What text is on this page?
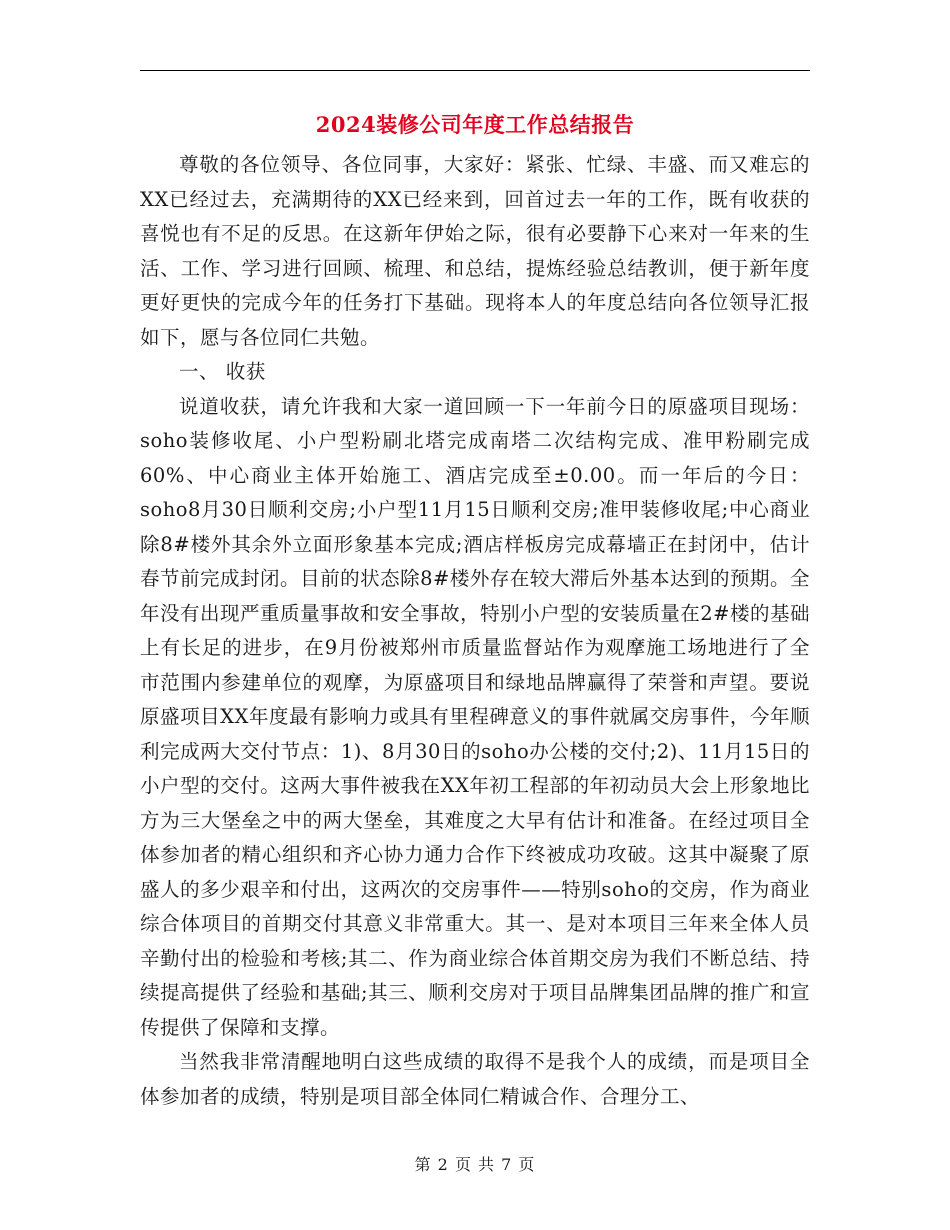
2024装修公司年度工作总结报告

尊敬的各位领导、各位同事，大家好：紧张、忙绿、丰盛、而又难忘的XX已经过去，充满期待的XX已经来到，回首过去一年的工作，既有收获的喜悦也有不足的反思。在这新年伊始之际，很有必要静下心来对一年来的生活、工作、学习进行回顾、梳理、和总结，提炼经验总结教训，便于新年度更好更快的完成今年的任务打下基础。现将本人的年度总结向各位领导汇报如下，愿与各位同仁共勉。

一、 收获

说道收获，请允许我和大家一道回顾一下一年前今日的原盛项目现场：soho装修收尾、小户型粉刷北塔完成南塔二次结构完成、准甲粉刷完成60%、中心商业主体开始施工、酒店完成至±0.00。而一年后的今日：soho8月30日顺利交房;小户型11月15日顺利交房;准甲装修收尾;中心商业除8#楼外其余外立面形象基本完成;酒店样板房完成幕墙正在封闭中，估计春节前完成封闭。目前的状态除8#楼外存在较大滞后外基本达到的预期。全年没有出现严重质量事故和安全事故，特别小户型的安装质量在2#楼的基础上有长足的进步，在9月份被郑州市质量监督站作为观摩施工场地进行了全市范围内参建单位的观摩，为原盛项目和绿地品牌赢得了荣誉和声望。要说原盛项目XX年度最有影响力或具有里程碑意义的事件就属交房事件，今年顺利完成两大交付节点：1)、8月30日的soho办公楼的交付;2)、11月15日的小户型的交付。这两大事件被我在XX年初工程部的年初动员大会上形象地比方为三大堡垒之中的两大堡垒，其难度之大早有估计和准备。在经过项目全体参加者的精心组织和齐心协力通力合作下终被成功攻破。这其中凝聚了原盛人的多少艰辛和付出，这两次的交房事件——特别soho的交房，作为商业综合体项目的首期交付其意义非常重大。其一、是对本项目三年来全体人员辛勤付出的检验和考核;其二、作为商业综合体首期交房为我们不断总结、持续提高提供了经验和基础;其三、顺利交房对于项目品牌集团品牌的推广和宣传提供了保障和支撑。

当然我非常清醒地明白这些成绩的取得不是我个人的成绩，而是项目全体参加者的成绩，特别是项目部全体同仁精诚合作、合理分工、

第 2 页 共 7 页
